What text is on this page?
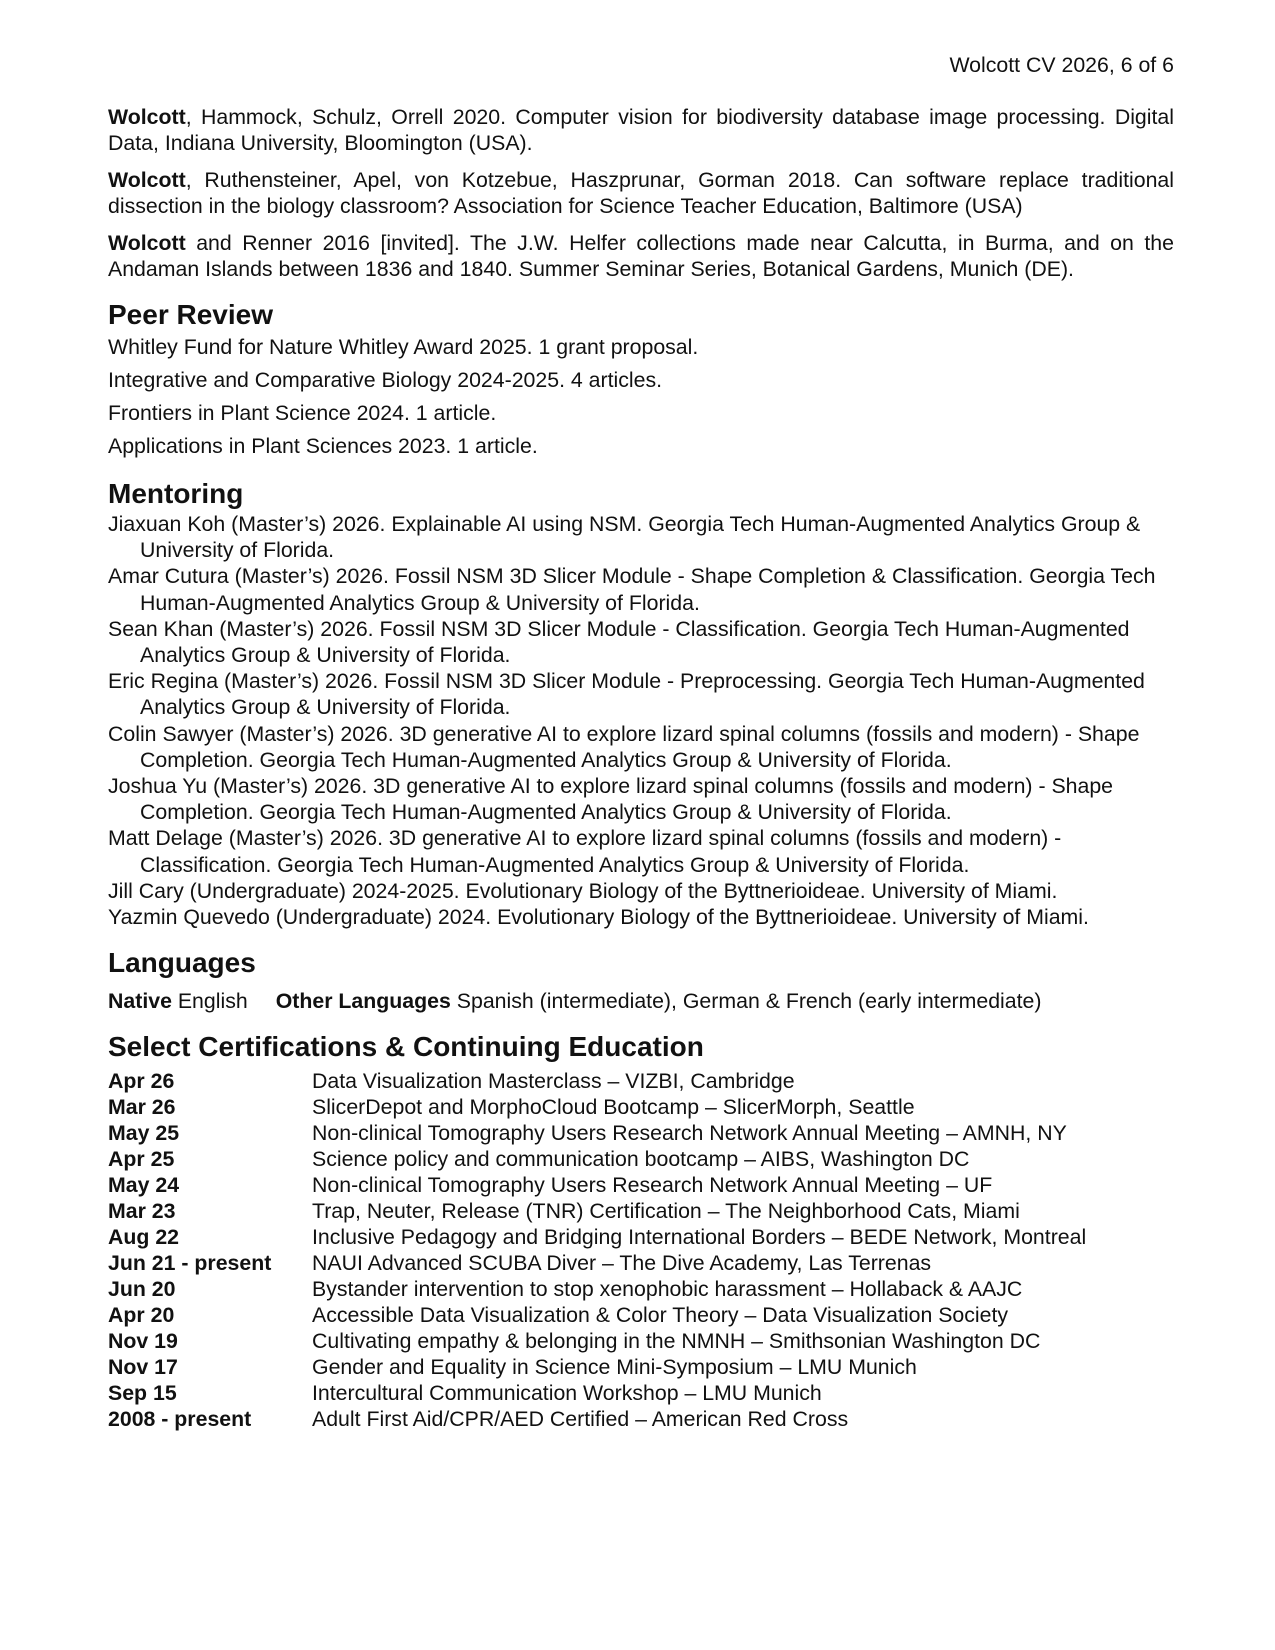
Wolcott CV 2026, 6 of 6

Wolcott, Hammock, Schulz, Orrell 2020. Computer vision for biodiversity database image processing. Digital Data, Indiana University, Bloomington (USA).

Wolcott, Ruthensteiner, Apel, von Kotzebue, Haszprunar, Gorman 2018. Can software replace traditional dissection in the biology classroom? Association for Science Teacher Education, Baltimore (USA)

Wolcott and Renner 2016 [invited]. The J.W. Helfer collections made near Calcutta, in Burma, and on the Andaman Islands between 1836 and 1840. Summer Seminar Series, Botanical Gardens, Munich (DE).

Peer Review
Whitley Fund for Nature Whitley Award 2025. 1 grant proposal.
Integrative and Comparative Biology 2024-2025. 4 articles.
Frontiers in Plant Science 2024. 1 article.
Applications in Plant Sciences 2023. 1 article.
Mentoring
Jiaxuan Koh (Master’s) 2026. Explainable AI using NSM. Georgia Tech Human-Augmented Analytics Group & University of Florida.
Amar Cutura (Master’s) 2026. Fossil NSM 3D Slicer Module - Shape Completion & Classification. Georgia Tech Human-Augmented Analytics Group & University of Florida.
Sean Khan (Master’s) 2026. Fossil NSM 3D Slicer Module - Classification. Georgia Tech Human-Augmented Analytics Group & University of Florida.
Eric Regina (Master’s) 2026. Fossil NSM 3D Slicer Module - Preprocessing. Georgia Tech Human-Augmented Analytics Group & University of Florida.
Colin Sawyer (Master’s) 2026. 3D generative AI to explore lizard spinal columns (fossils and modern) - Shape Completion. Georgia Tech Human-Augmented Analytics Group & University of Florida.
Joshua Yu (Master’s) 2026. 3D generative AI to explore lizard spinal columns (fossils and modern) - Shape Completion. Georgia Tech Human-Augmented Analytics Group & University of Florida.
Matt Delage (Master’s) 2026. 3D generative AI to explore lizard spinal columns (fossils and modern) - Classification. Georgia Tech Human-Augmented Analytics Group & University of Florida.
Jill Cary (Undergraduate) 2024-2025. Evolutionary Biology of the Byttnerioideae. University of Miami.
Yazmin Quevedo (Undergraduate) 2024. Evolutionary Biology of the Byttnerioideae. University of Miami.
Languages
Native English Other Languages Spanish (intermediate), German & French (early intermediate)
Select Certifications & Continuing Education
Apr 26	Data Visualization Masterclass – VIZBI, Cambridge
Mar 26	SlicerDepot and MorphoCloud Bootcamp – SlicerMorph, Seattle
May 25	Non-clinical Tomography Users Research Network Annual Meeting – AMNH, NY
Apr 25	Science policy and communication bootcamp – AIBS, Washington DC
May 24	Non-clinical Tomography Users Research Network Annual Meeting – UF
Mar 23	Trap, Neuter, Release (TNR) Certification – The Neighborhood Cats, Miami
Aug 22	Inclusive Pedagogy and Bridging International Borders – BEDE Network, Montreal
Jun 21 - present	NAUI Advanced SCUBA Diver – The Dive Academy, Las Terrenas
Jun 20	Bystander intervention to stop xenophobic harassment – Hollaback & AAJC
Apr 20	Accessible Data Visualization & Color Theory – Data Visualization Society
Nov 19	Cultivating empathy & belonging in the NMNH – Smithsonian Washington DC
Nov 17	Gender and Equality in Science Mini-Symposium – LMU Munich
Sep 15	Intercultural Communication Workshop – LMU Munich
2008 - present	Adult First Aid/CPR/AED Certified – American Red Cross
